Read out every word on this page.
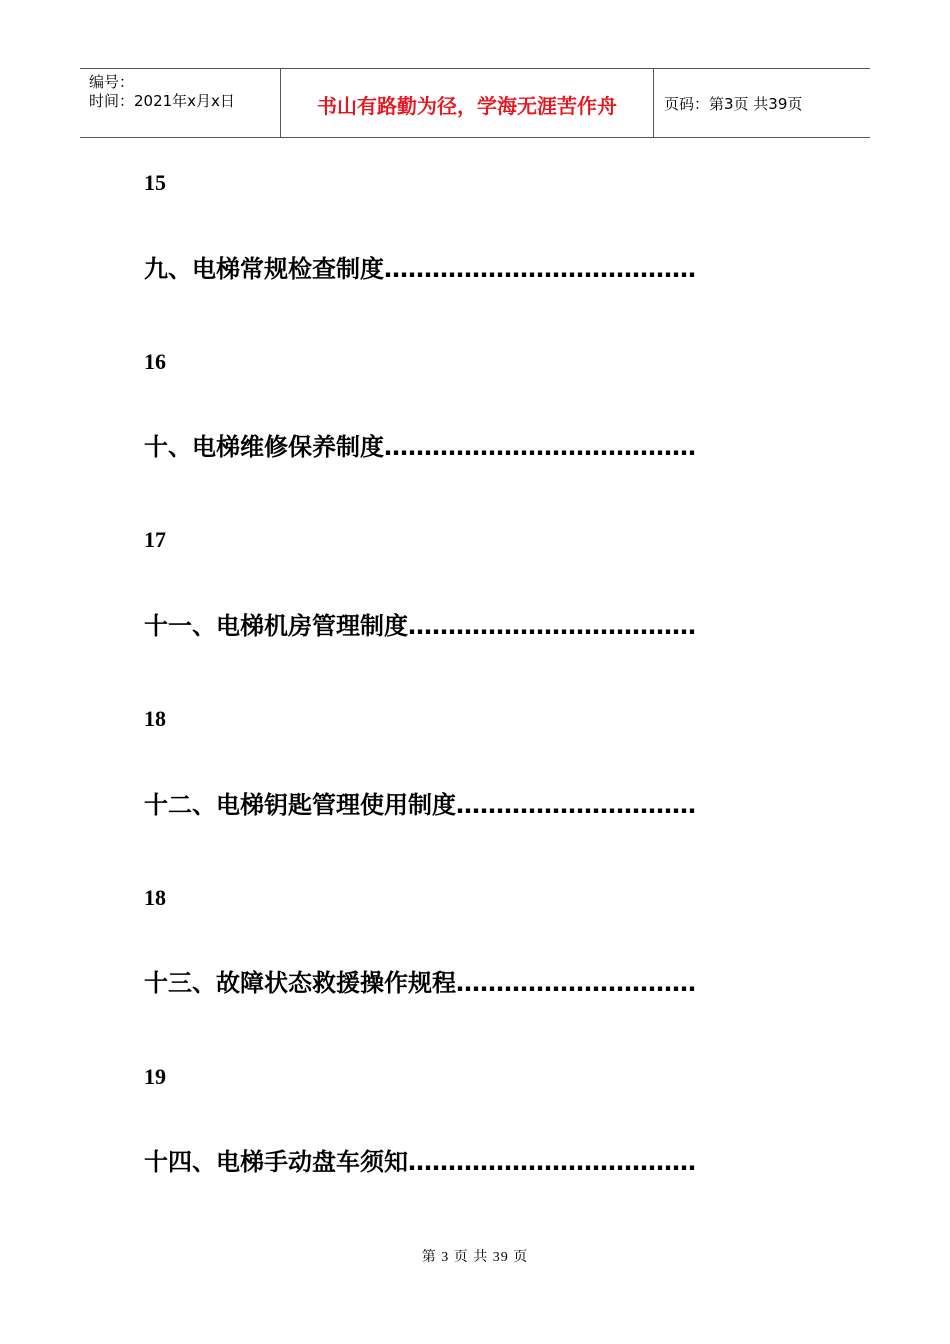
编号：
时间：2021年x月x日	书山有路勤为径，学海无涯苦作舟	页码：第3页 共39页
15
九、电梯常规检查制度…………………………………
16
十、电梯维修保养制度…………………………………
17
十一、电梯机房管理制度………………………………
18
十二、电梯钥匙管理使用制度…………………………
18
十三、故障状态救援操作规程…………………………
19
十四、电梯手动盘车须知………………………………
第 3 页 共 39 页
